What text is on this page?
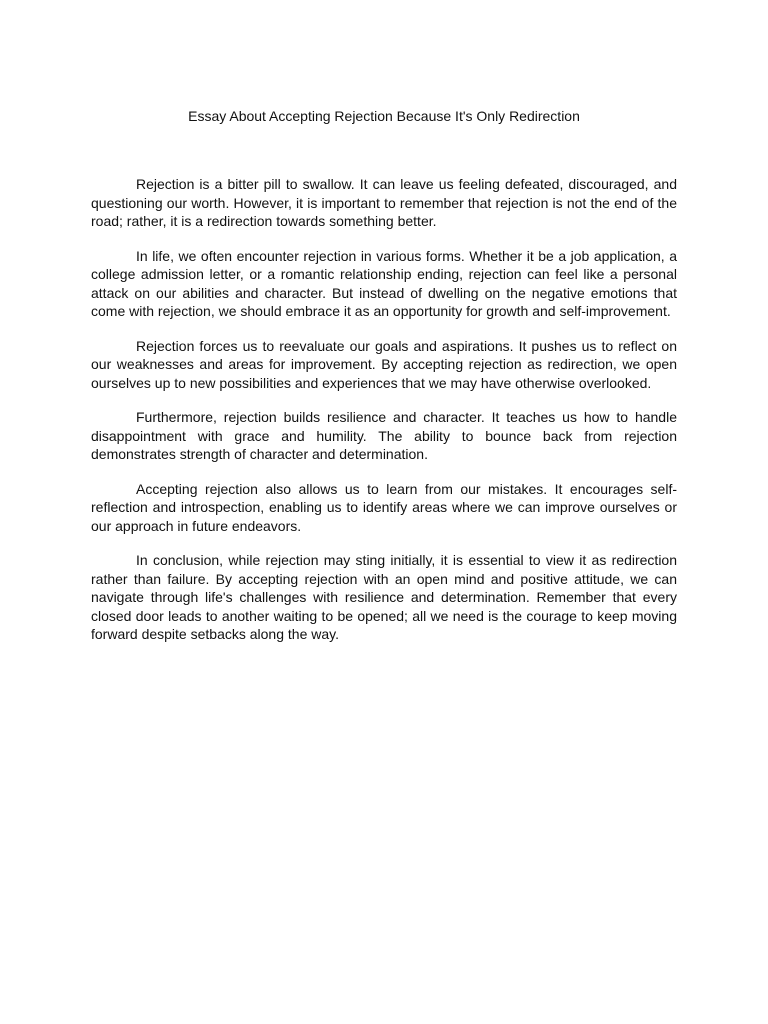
Essay About Accepting Rejection Because It's Only Redirection

Rejection is a bitter pill to swallow. It can leave us feeling defeated, discouraged, and questioning our worth. However, it is important to remember that rejection is not the end of the road; rather, it is a redirection towards something better.

In life, we often encounter rejection in various forms. Whether it be a job application, a college admission letter, or a romantic relationship ending, rejection can feel like a personal attack on our abilities and character. But instead of dwelling on the negative emotions that come with rejection, we should embrace it as an opportunity for growth and self-improvement.

Rejection forces us to reevaluate our goals and aspirations. It pushes us to reflect on our weaknesses and areas for improvement. By accepting rejection as redirection, we open ourselves up to new possibilities and experiences that we may have otherwise overlooked.

Furthermore, rejection builds resilience and character. It teaches us how to handle disappointment with grace and humility. The ability to bounce back from rejection demonstrates strength of character and determination.

Accepting rejection also allows us to learn from our mistakes. It encourages self-reflection and introspection, enabling us to identify areas where we can improve ourselves or our approach in future endeavors.

In conclusion, while rejection may sting initially, it is essential to view it as redirection rather than failure. By accepting rejection with an open mind and positive attitude, we can navigate through life's challenges with resilience and determination. Remember that every closed door leads to another waiting to be opened; all we need is the courage to keep moving forward despite setbacks along the way.
